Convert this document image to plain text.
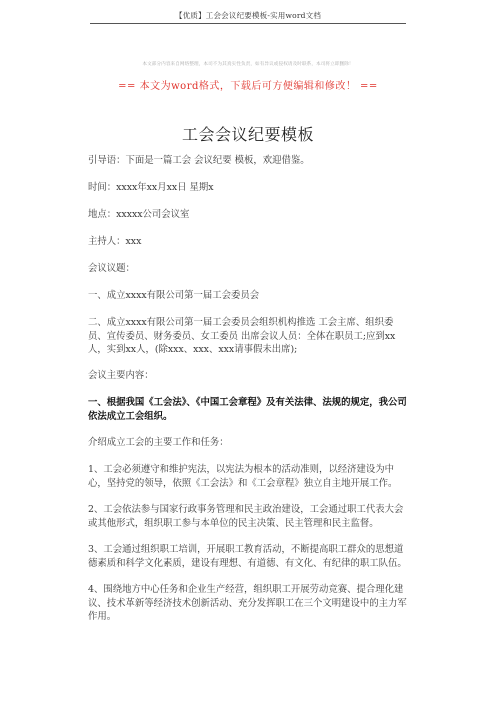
【优质】工会会议纪要模板-实用word文档
本文部分内容来自网络整理，本司不为其真实性负责，如有异议或侵权请及时联系，本司将立即删除！
== 本文为word格式，下载后可方便编辑和修改！ ==
工会会议纪要模板

引导语：下面是一篇工会 会议纪要 模板，欢迎借鉴。

时间：xxxx年xx月xx日 星期x

地点：xxxxx公司会议室

主持人：xxx

会议议题：

一、成立xxxx有限公司第一届工会委员会

二、成立xxxx有限公司第一届工会委员会组织机构推选 工会主席、组织委员、宣传委员、财务委员、女工委员 出席会议人员：全体在职员工;应到xx人，实到xx人，(除xxx、xxx、xxx请事假未出席);

会议主要内容：

一、根据我国《工会法》、《中国工会章程》及有关法律、法规的规定，我公司依法成立工会组织。

介绍成立工会的主要工作和任务：

1、工会必须遵守和维护宪法，以宪法为根本的活动准则，以经济建设为中心，坚持党的领导，依照《工会法》和《工会章程》独立自主地开展工作。

2、工会依法参与国家行政事务管理和民主政治建设，工会通过职工代表大会或其他形式，组织职工参与本单位的民主决策、民主管理和民主监督。

3、工会通过组织职工培训，开展职工教育活动，不断提高职工群众的思想道德素质和科学文化素质，建设有理想、有道德、有文化、有纪律的职工队伍。

4、围绕地方中心任务和企业生产经营，组织职工开展劳动竞赛、提合理化建议、技术革新等经济技术创新活动、充分发挥职工在三个文明建设中的主力军作用。
